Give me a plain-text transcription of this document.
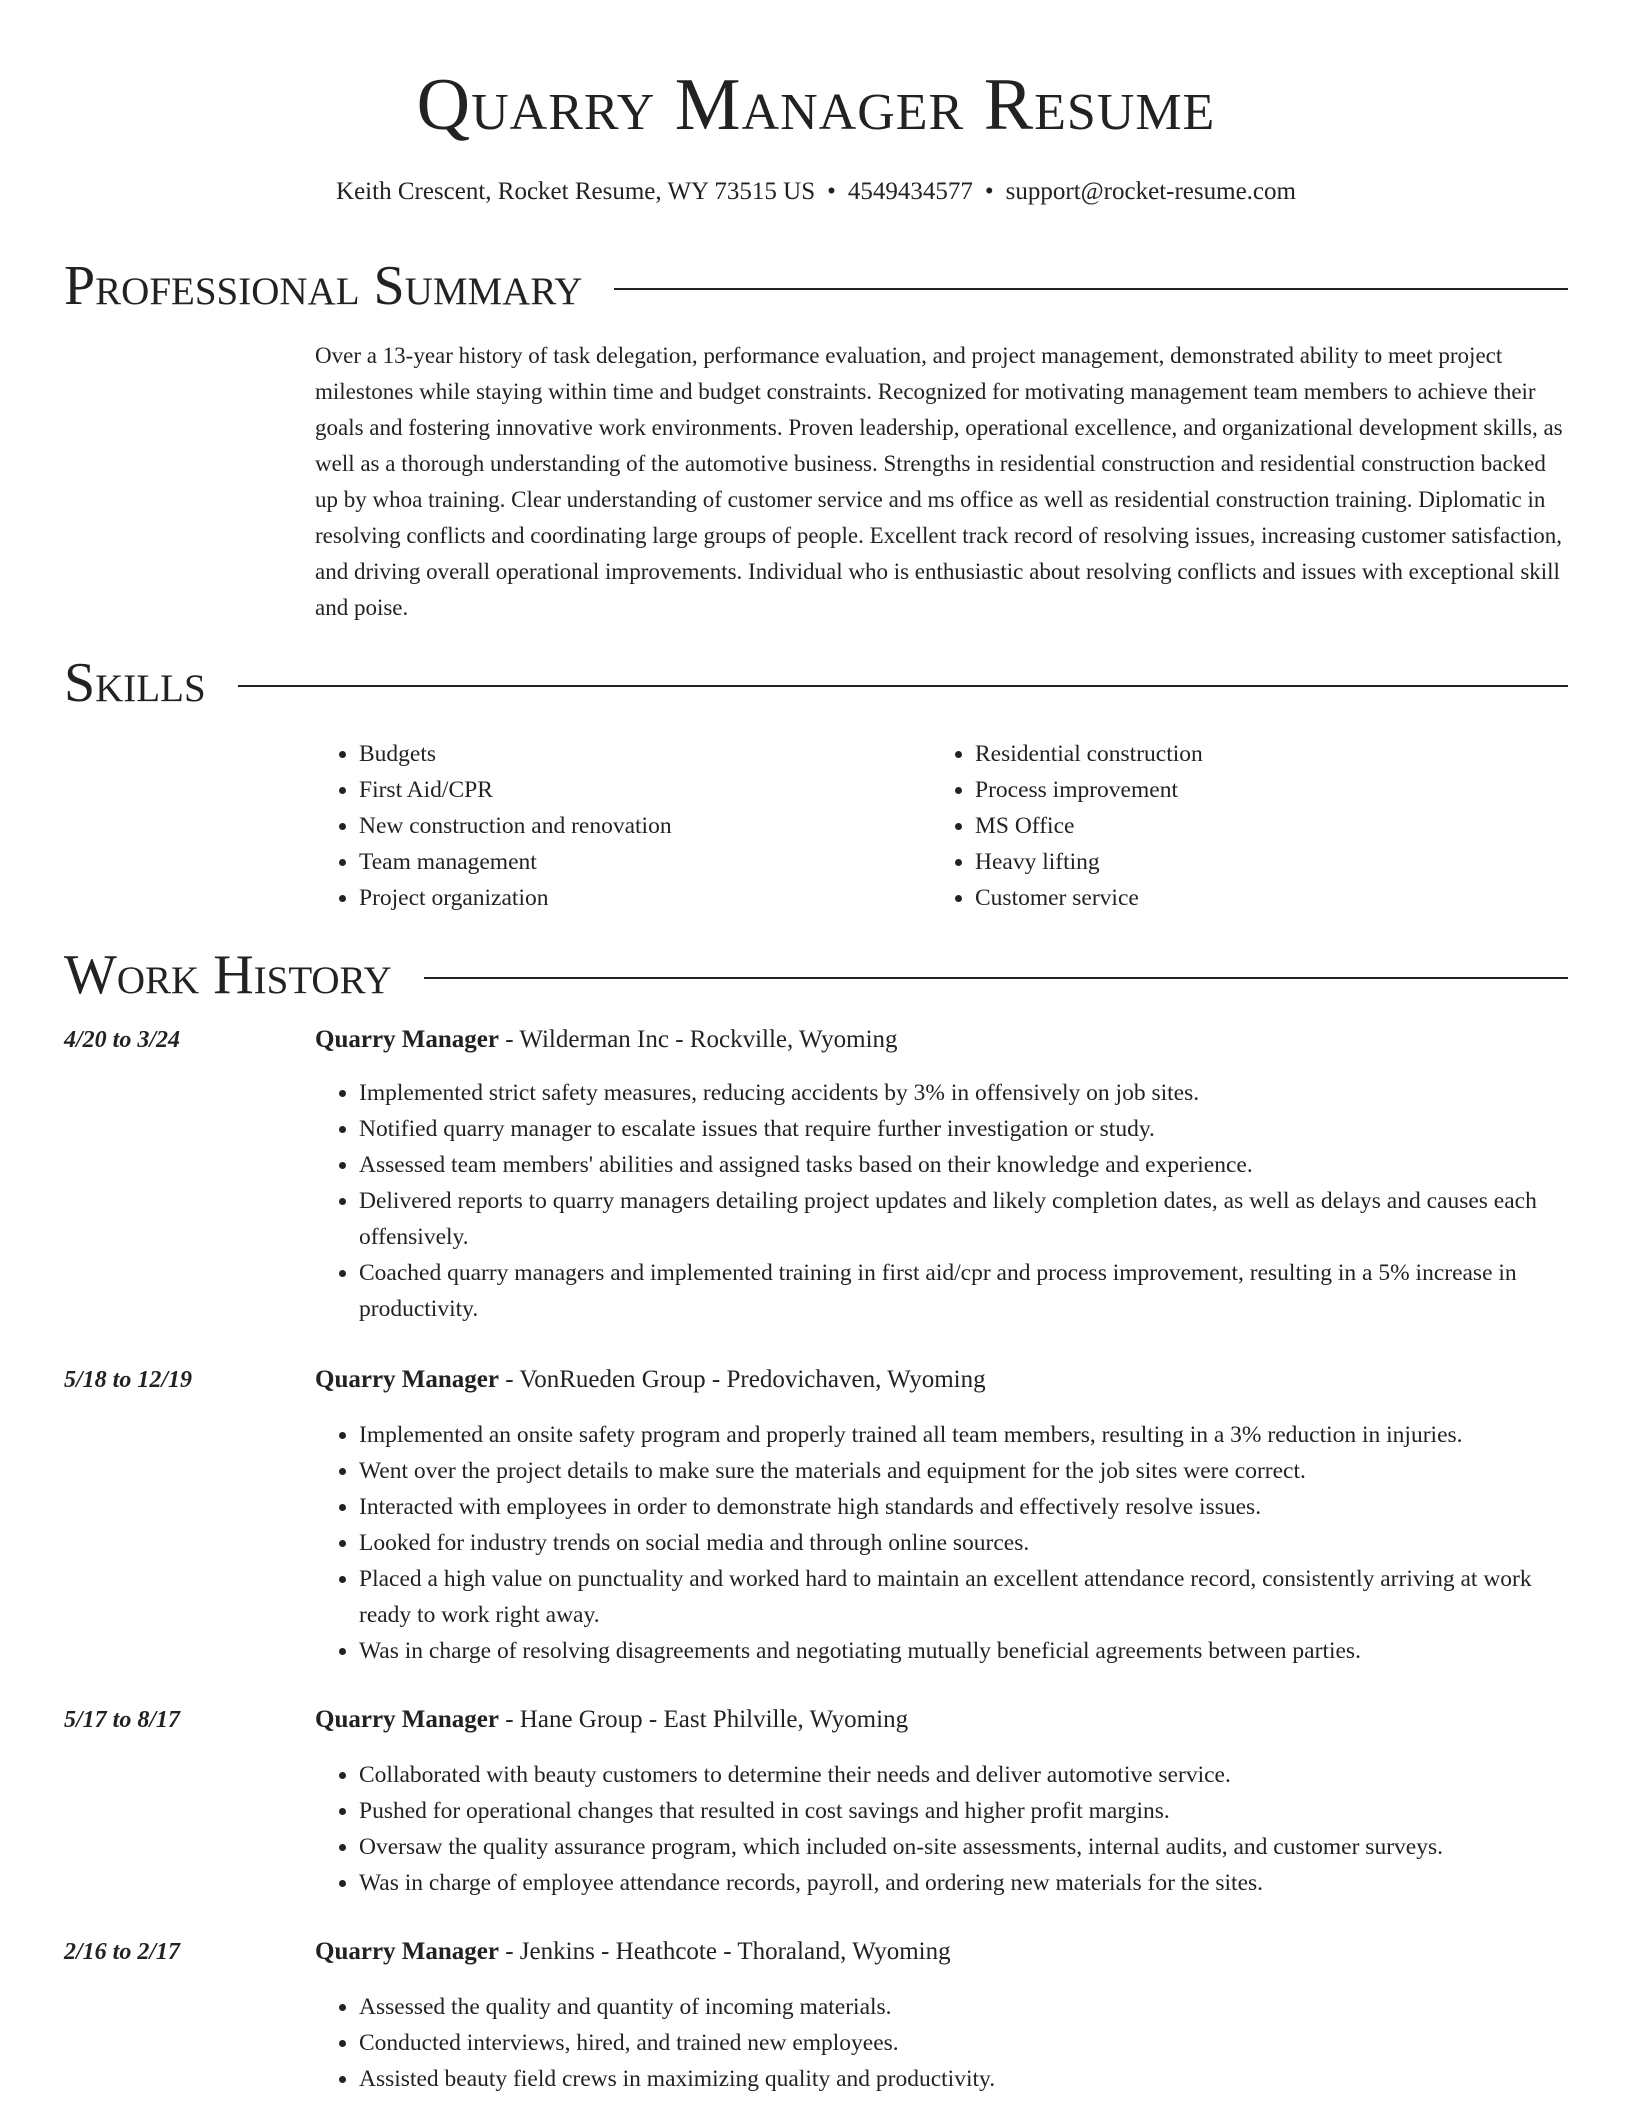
Quarry Manager Resume
Keith Crescent, Rocket Resume, WY 73515 US • 4549434577 • support@rocket-resume.com
Professional Summary

Over a 13-year history of task delegation, performance evaluation, and project management, demonstrated ability to meet project milestones while staying within time and budget constraints. Recognized for motivating management team members to achieve their goals and fostering innovative work environments. Proven leadership, operational excellence, and organizational development skills, as well as a thorough understanding of the automotive business. Strengths in residential construction and residential construction backed up by whoa training. Clear understanding of customer service and ms office as well as residential construction training. Diplomatic in resolving conflicts and coordinating large groups of people. Excellent track record of resolving issues, increasing customer satisfaction, and driving overall operational improvements. Individual who is enthusiastic about resolving conflicts and issues with exceptional skill and poise.

Skills
• Budgets
• First Aid/CPR
• New construction and renovation
• Team management
• Project organization
• Residential construction
• Process improvement
• MS Office
• Heavy lifting
• Customer service
Work History
4/20 to 3/24	Quarry Manager - Wilderman Inc - Rockville, Wyoming
• Implemented strict safety measures, reducing accidents by 3% in offensively on job sites.
• Notified quarry manager to escalate issues that require further investigation or study.
• Assessed team members' abilities and assigned tasks based on their knowledge and experience.
• Delivered reports to quarry managers detailing project updates and likely completion dates, as well as delays and causes each offensively.
• Coached quarry managers and implemented training in first aid/cpr and process improvement, resulting in a 5% increase in productivity.
5/18 to 12/19	Quarry Manager - VonRueden Group - Predovichaven, Wyoming
• Implemented an onsite safety program and properly trained all team members, resulting in a 3% reduction in injuries.
• Went over the project details to make sure the materials and equipment for the job sites were correct.
• Interacted with employees in order to demonstrate high standards and effectively resolve issues.
• Looked for industry trends on social media and through online sources.
• Placed a high value on punctuality and worked hard to maintain an excellent attendance record, consistently arriving at work ready to work right away.
• Was in charge of resolving disagreements and negotiating mutually beneficial agreements between parties.
5/17 to 8/17	Quarry Manager - Hane Group - East Philville, Wyoming
• Collaborated with beauty customers to determine their needs and deliver automotive service.
• Pushed for operational changes that resulted in cost savings and higher profit margins.
• Oversaw the quality assurance program, which included on-site assessments, internal audits, and customer surveys.
• Was in charge of employee attendance records, payroll, and ordering new materials for the sites.
2/16 to 2/17	Quarry Manager - Jenkins - Heathcote - Thoraland, Wyoming
• Assessed the quality and quantity of incoming materials.
• Conducted interviews, hired, and trained new employees.
• Assisted beauty field crews in maximizing quality and productivity.
